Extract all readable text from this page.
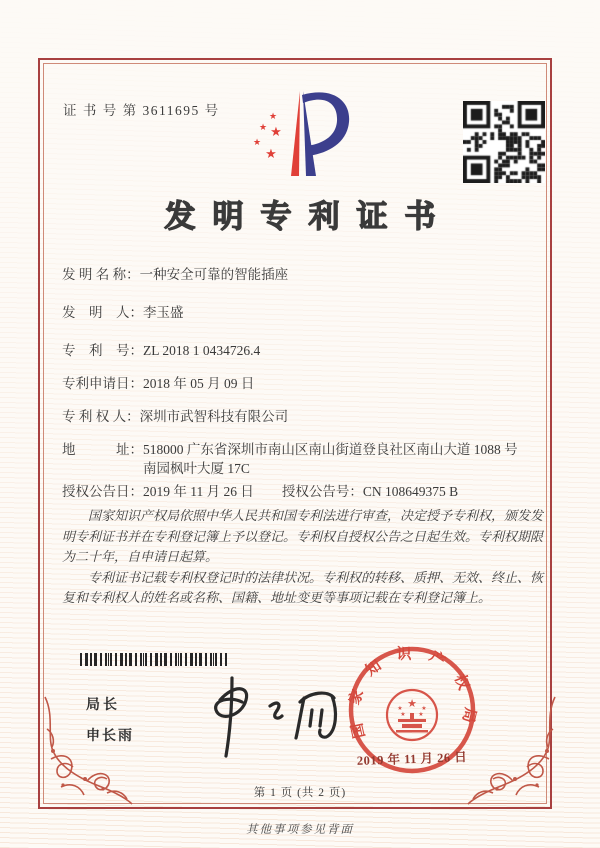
证 书 号 第 3611695 号	★
★ ★
★
★
发明专利证书
发 明 名 称： 一种安全可靠的智能插座
发　明　人： 李玉盛
专　利　号： ZL 2018 1 0434726.4
专利申请日： 2018 年 05 月 09 日
专 利 权 人： 深圳市武智科技有限公司
地　　　址： 518000 广东省深圳市南山区南山街道登良社区南山大道 1088 号南园枫叶大厦 17C
授权公告日： 2019 年 11 月 26 日 授权公告号： CN 108649375 B

国家知识产权局依照中华人民共和国专利法进行审查，决定授予专利权，颁发发明专利证书并在专利登记簿上予以登记。专利权自授权公告之日起生效。专利权期限为二十年，自申请日起算。

专利证书记载专利权登记时的法律状况。专利权的转移、质押、无效、终止、恢复和专利权人的姓名或名称、国籍、地址变更等事项记载在专利登记簿上。

局长
申长雨	国家知识产权局
★
★	★
★ ★
2019 年 11 月 26 日
第 1 页 (共 2 页)
其他事项参见背面
